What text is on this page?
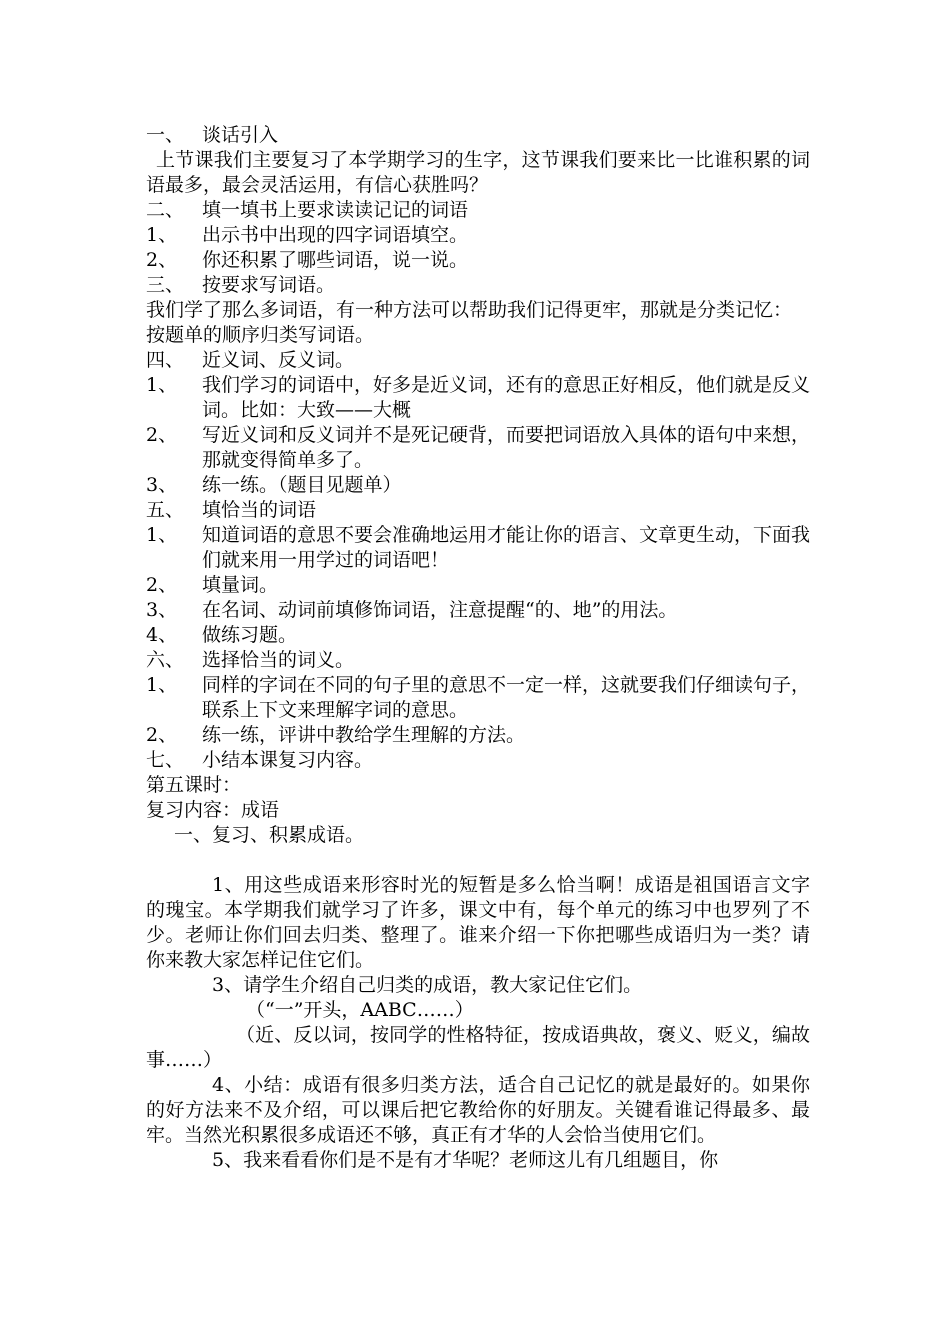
一、 谈话引入

上节课我们主要复习了本学期学习的生字，这节课我们要来比一比谁积累的词语最多，最会灵活运用，有信心获胜吗？

二、 填一填书上要求读读记记的词语
1、	出示书中出现的四字词语填空。
2、	你还积累了哪些词语，说一说。
三、 按要求写词语。

我们学了那么多词语，有一种方法可以帮助我们记得更牢，那就是分类记忆：

按题单的顺序归类写词语。

四、 近义词、反义词。
1、	我们学习的词语中，好多是近义词，还有的意思正好相反，他们就是反义词。比如：大致——大概
2、	写近义词和反义词并不是死记硬背，而要把词语放入具体的语句中来想，那就变得简单多了。
3、	练一练。（题目见题单）
五、 填恰当的词语
1、	知道词语的意思不要会准确地运用才能让你的语言、文章更生动，下面我们就来用一用学过的词语吧！
2、	填量词。
3、	在名词、动词前填修饰词语，注意提醒“的、地”的用法。
4、	做练习题。
六、 选择恰当的词义。
1、	同样的字词在不同的句子里的意思不一定一样，这就要我们仔细读句子，联系上下文来理解字词的意思。
2、	练一练，评讲中教给学生理解的方法。
七、 小结本课复习内容。

第五课时：

复习内容：成语

一、复习、积累成语。

1、用这些成语来形容时光的短暂是多么恰当啊！成语是祖国语言文字的瑰宝。本学期我们就学习了许多，课文中有，每个单元的练习中也罗列了不少。老师让你们回去归类、整理了。谁来介绍一下你把哪些成语归为一类？请你来教大家怎样记住它们。

3、请学生介绍自己归类的成语，教大家记住它们。

（“一”开头，AABC……）

（近、反以词，按同学的性格特征，按成语典故，褒义、贬义，编故事……）

4、小结：成语有很多归类方法，适合自己记忆的就是最好的。如果你的好方法来不及介绍，可以课后把它教给你的好朋友。关键看谁记得最多、最牢。当然光积累很多成语还不够，真正有才华的人会恰当使用它们。

5、我来看看你们是不是有才华呢？老师这儿有几组题目，你
